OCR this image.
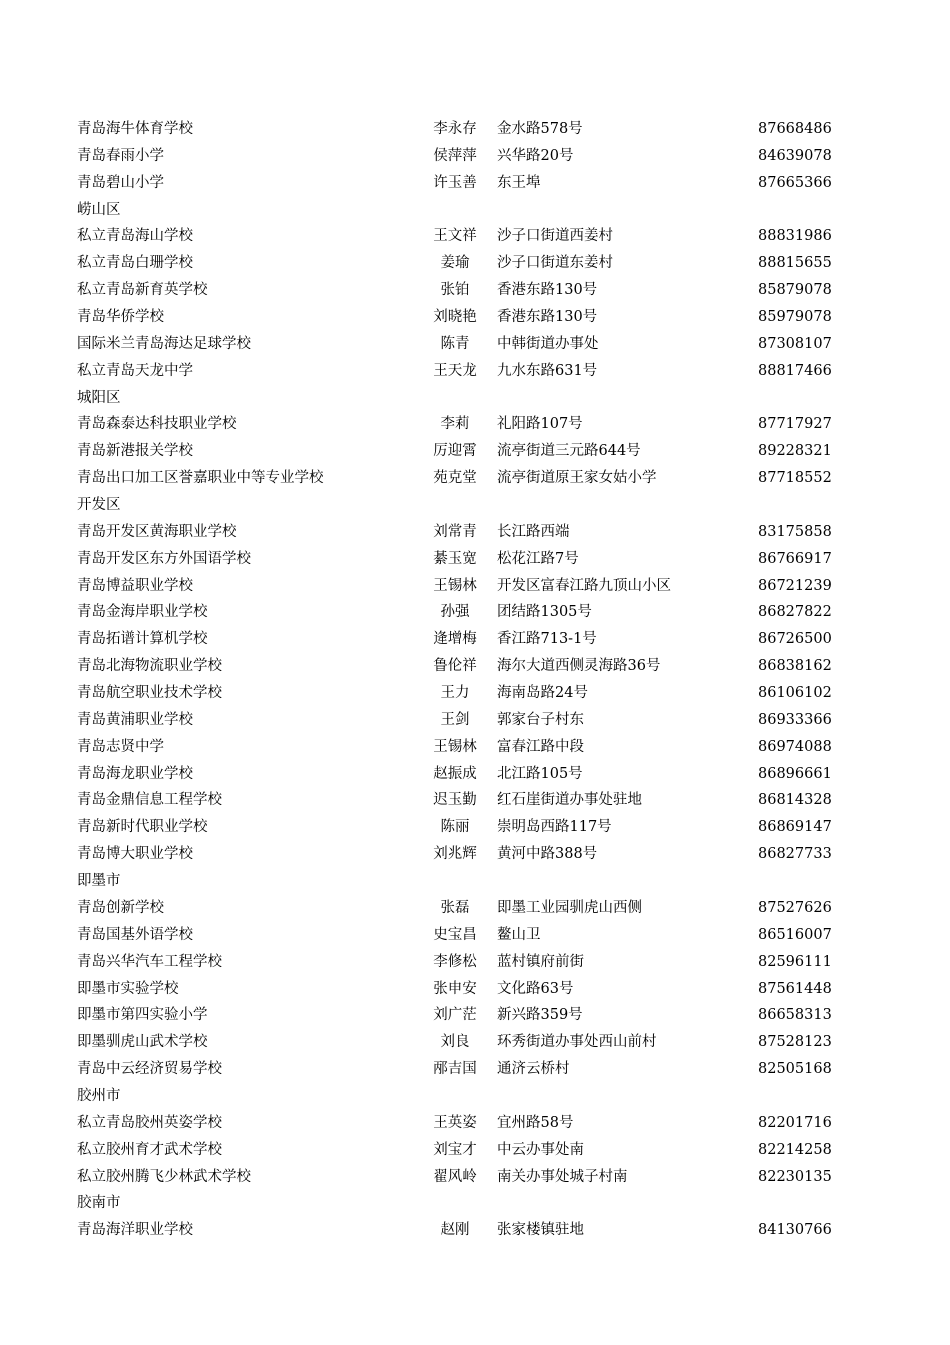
青岛海牛体育学校	李永存	金水路578号	87668486
青岛春雨小学	侯萍萍	兴华路20号	84639078
青岛碧山小学	许玉善	东王埠	87665366
崂山区
私立青岛海山学校	王文祥	沙子口街道西姜村	88831986
私立青岛白珊学校	姜瑜	沙子口街道东姜村	88815655
私立青岛新育英学校	张铂	香港东路130号	85879078
青岛华侨学校	刘晓艳	香港东路130号	85979078
国际米兰青岛海达足球学校	陈青	中韩街道办事处	87308107
私立青岛天龙中学	王天龙	九水东路631号	88817466
城阳区
青岛森泰达科技职业学校	李莉	礼阳路107号	87717927
青岛新港报关学校	厉迎霄	流亭街道三元路644号	89228321
青岛出口加工区誉嘉职业中等专业学校	苑克堂	流亭街道原王家女姑小学	87718552
开发区
青岛开发区黄海职业学校	刘常青	长江路西端	83175858
青岛开发区东方外国语学校	綦玉宽	松花江路7号	86766917
青岛博益职业学校	王锡林	开发区富春江路九顶山小区	86721239
青岛金海岸职业学校	孙强	团结路1305号	86827822
青岛拓谱计算机学校	逄增梅	香江路713-1号	86726500
青岛北海物流职业学校	鲁伦祥	海尔大道西侧灵海路36号	86838162
青岛航空职业技术学校	王力	海南岛路24号	86106102
青岛黄浦职业学校	王剑	郭家台子村东	86933366
青岛志贤中学	王锡林	富春江路中段	86974088
青岛海龙职业学校	赵振成	北江路105号	86896661
青岛金鼎信息工程学校	迟玉勤	红石崖街道办事处驻地	86814328
青岛新时代职业学校	陈丽	崇明岛西路117号	86869147
青岛博大职业学校	刘兆辉	黄河中路388号	86827733
即墨市
青岛创新学校	张磊	即墨工业园驯虎山西侧	87527626
青岛国基外语学校	史宝昌	鳌山卫	86516007
青岛兴华汽车工程学校	李修松	蓝村镇府前街	82596111
即墨市实验学校	张申安	文化路63号	87561448
即墨市第四实验小学	刘广茫	新兴路359号	86658313
即墨驯虎山武术学校	刘良	环秀街道办事处西山前村	87528123
青岛中云经济贸易学校	邴吉国	通济云桥村	82505168
胶州市
私立青岛胶州英姿学校	王英姿	宜州路58号	82201716
私立胶州育才武术学校	刘宝才	中云办事处南	82214258
私立胶州腾飞少林武术学校	翟风岭	南关办事处城子村南	82230135
胶南市
青岛海洋职业学校	赵刚	张家楼镇驻地	84130766
